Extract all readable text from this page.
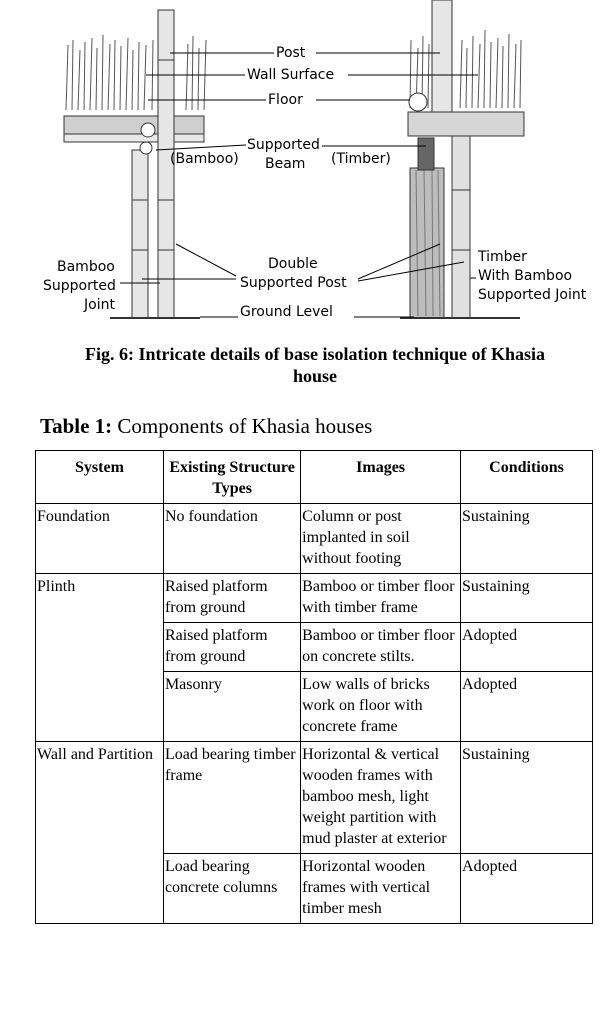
Post
Wall Surface
Floor
Supported
Beam
(Bamboo)	(Timber)
Bamboo
Supported
Joint
Double
Supported Post
Ground Level
Timber
With Bamboo
Supported Joint
Fig. 6: Intricate details of base isolation technique of Khasia
house
Table 1: Components of Khasia houses
System	Existing Structure Types	Images	Conditions
Foundation	No foundation	Column or post implanted in soil without footing	Sustaining
Plinth	Raised platform from ground	Bamboo or timber floor with timber frame	Sustaining
	Raised platform from ground	Bamboo or timber floor on concrete stilts.	Adopted
	Masonry	Low walls of bricks work on floor with concrete frame	Adopted
Wall and Partition	Load bearing timber frame	Horizontal & vertical wooden frames with bamboo mesh, light weight partition with mud plaster at exterior	Sustaining
	Load bearing concrete columns	Horizontal wooden frames with vertical timber mesh	Adopted
